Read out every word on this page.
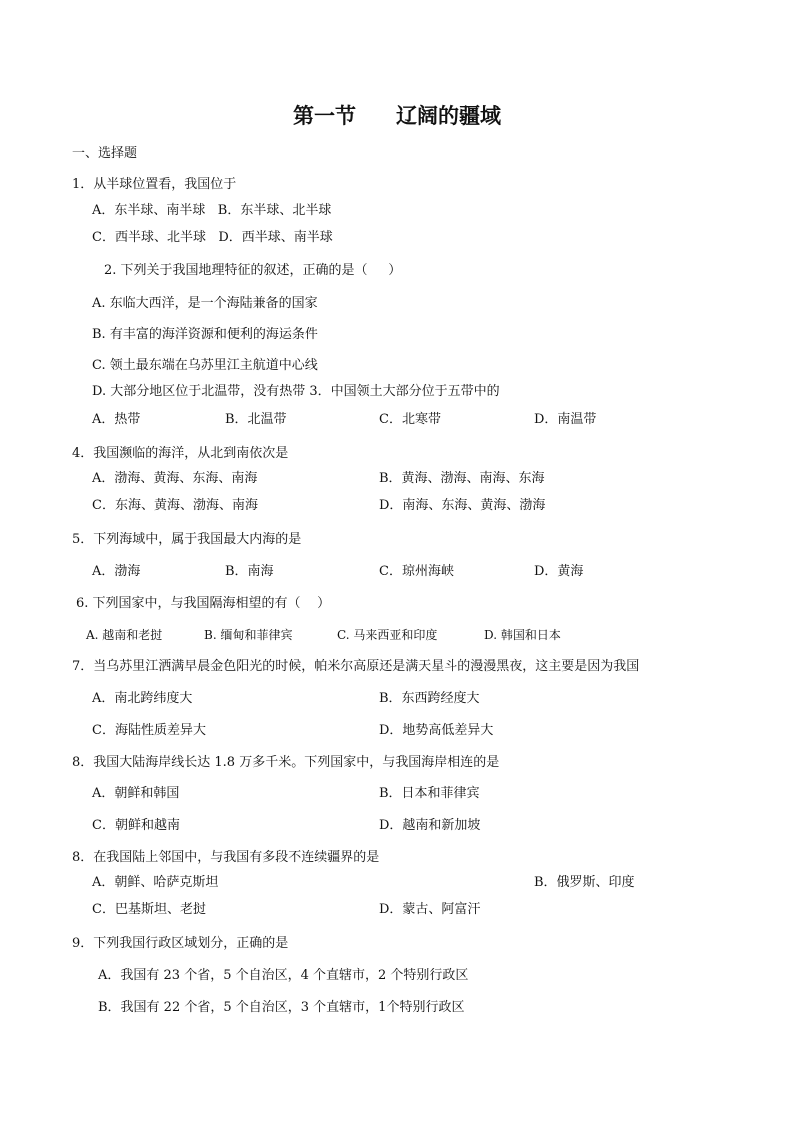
第一节 辽阔的疆域
一、选择题
1．从半球位置看，我国位于
A．东半球、南半球   B．东半球、北半球
C．西半球、北半球   D．西半球、南半球
2. 下列关于我国地理特征的叙述，正确的是（     ）
A. 东临大西洋，是一个海陆兼备的国家
B. 有丰富的海洋资源和便利的海运条件
C. 领土最东端在乌苏里江主航道中心线
D. 大部分地区位于北温带，没有热带 3．中国领土大部分位于五带中的
A．热带	B．北温带	C．北寒带	D．南温带
4．我国濒临的海洋，从北到南依次是
A．渤海、黄海、东海、南海	B．黄海、渤海、南海、东海
C．东海、黄海、渤海、南海	D．南海、东海、黄海、渤海
5．下列海域中，属于我国最大内海的是
A．渤海	B．南海	C．琼州海峡	D．黄海
6. 下列国家中，与我国隔海相望的有（    ）
A. 越南和老挝	B. 缅甸和菲律宾	C. 马来西亚和印度	D. 韩国和日本
7．当乌苏里江洒满早晨金色阳光的时候，帕米尔高原还是满天星斗的漫漫黑夜，这主要是因为我国
A．南北跨纬度大	B．东西跨经度大
C．海陆性质差异大	D．地势高低差异大
8．我国大陆海岸线长达 1.8 万多千米。下列国家中，与我国海岸相连的是
A．朝鲜和韩国	B．日本和菲律宾
C．朝鲜和越南	D．越南和新加坡
8．在我国陆上邻国中，与我国有多段不连续疆界的是
A．朝鲜、哈萨克斯坦	B．俄罗斯、印度
C．巴基斯坦、老挝	D．蒙古、阿富汗
9．下列我国行政区域划分，正确的是
A．我国有 23 个省，5 个自治区，4 个直辖市，2 个特别行政区
B．我国有 22 个省，5 个自治区，3 个直辖市，1个特别行政区
